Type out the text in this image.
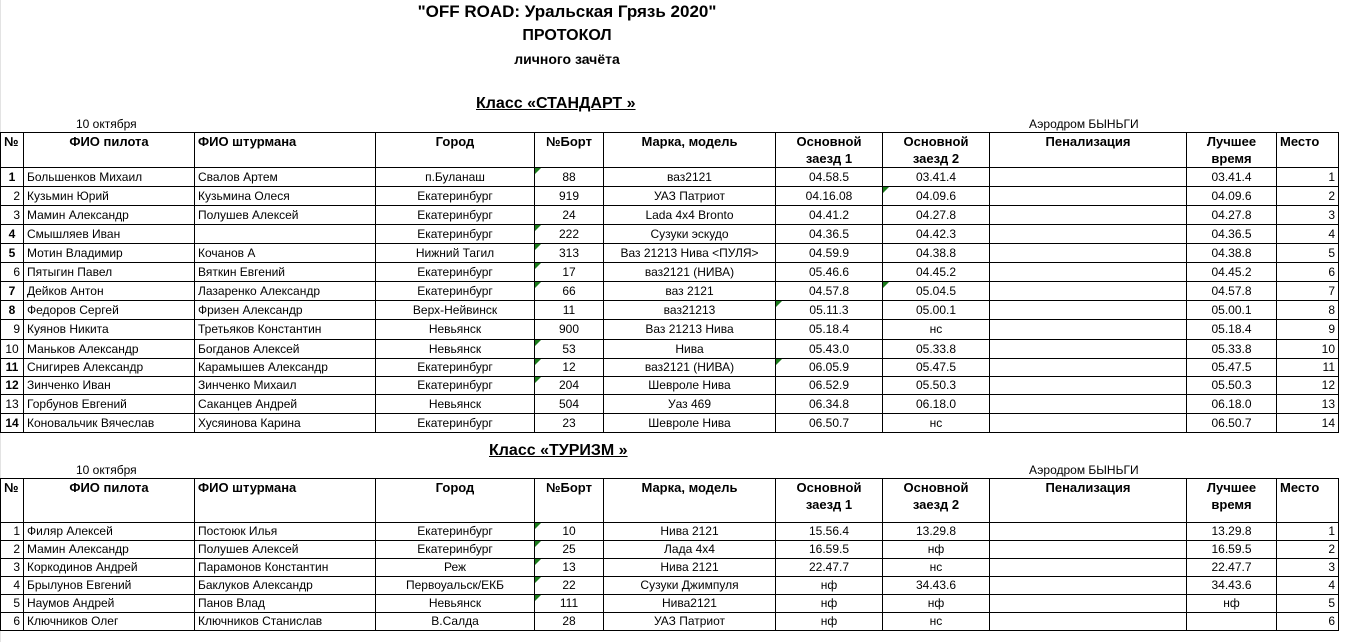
"OFF ROAD: Уральская Грязь 2020"
ПРОТОКОЛ
личного зачёта
Класс «СТАНДАРТ »
10 октября	Аэродром БЫНЬГИ
№	ФИО пилота	ФИО штурмана	Город	№Борт	Марка, модель	Основной
заезд 1	Основной
заезд 2	Пенализация	Лучшее
время	Место
1	Большенков Михаил	Свалов Артем	п.Буланаш	88	ваз2121	04.58.5	03.41.4		03.41.4	1
2	Кузьмин Юрий	Кузьмина Олеся	Екатеринбург	919	УАЗ Патриот	04.16.08	04.09.6		04.09.6	2
3	Мамин Александр	Полушев Алексей	Екатеринбург	24	Lada 4x4 Bronto	04.41.2	04.27.8		04.27.8	3
4	Смышляев Иван		Екатеринбург	222	Сузуки эскудо	04.36.5	04.42.3		04.36.5	4
5	Мотин Владимир	Кочанов А	Нижний Тагил	313	Ваз 21213 Нива <ПУЛЯ>	04.59.9	04.38.8		04.38.8	5
6	Пятыгин Павел	Вяткин Евгений	Екатеринбург	17	ваз2121 (НИВА)	05.46.6	04.45.2		04.45.2	6
7	Дейков Антон	Лазаренко Александр	Екатеринбург	66	ваз 2121	04.57.8	05.04.5		04.57.8	7
8	Федоров Сергей	Фризен Александр	Верх-Нейвинск	11	ваз21213	05.11.3	05.00.1		05.00.1	8
9	Куянов Никита	Третьяков Константин	Невьянск	900	Ваз 21213 Нива	05.18.4	нс		05.18.4	9
10	Маньков Александр	Богданов Алексей	Невьянск	53	Нива	05.43.0	05.33.8		05.33.8	10
11	Снигирев Александр	Карамышев Александр	Екатеринбург	12	ваз2121 (НИВА)	06.05.9	05.47.5		05.47.5	11
12	Зинченко Иван	Зинченко Михаил	Екатеринбург	204	Шевроле Нива	06.52.9	05.50.3		05.50.3	12
13	Горбунов Евгений	Саканцев Андрей	Невьянск	504	Уаз 469	06.34.8	06.18.0		06.18.0	13
14	Коновальчик Вячеслав	Хусяинова Карина	Екатеринбург	23	Шевроле Нива	06.50.7	нс		06.50.7	14
Класс «ТУРИЗМ »
10 октября	Аэродром БЫНЬГИ
№	ФИО пилота	ФИО штурмана	Город	№Борт	Марка, модель	Основной
заезд 1	Основной
заезд 2	Пенализация	Лучшее
время	Место
1	Филяр Алексей	Постоюк Илья	Екатеринбург	10	Нива 2121	15.56.4	13.29.8		13.29.8	1
2	Мамин Александр	Полушев Алексей	Екатеринбург	25	Лада 4х4	16.59.5	нф		16.59.5	2
3	Коркодинов Андрей	Парамонов Константин	Реж	13	Нива 2121	22.47.7	нс		22.47.7	3
4	Брылунов Евгений	Баклуков Александр	Первоуальск/ЕКБ	22	Сузуки Джимпуля	нф	34.43.6		34.43.6	4
5	Наумов Андрей	Панов Влад	Невьянск	111	Нива2121	нф	нф		нф	5
6	Ключников Олег	Ключников Станислав	В.Салда	28	УАЗ Патриот	нф	нс			6
